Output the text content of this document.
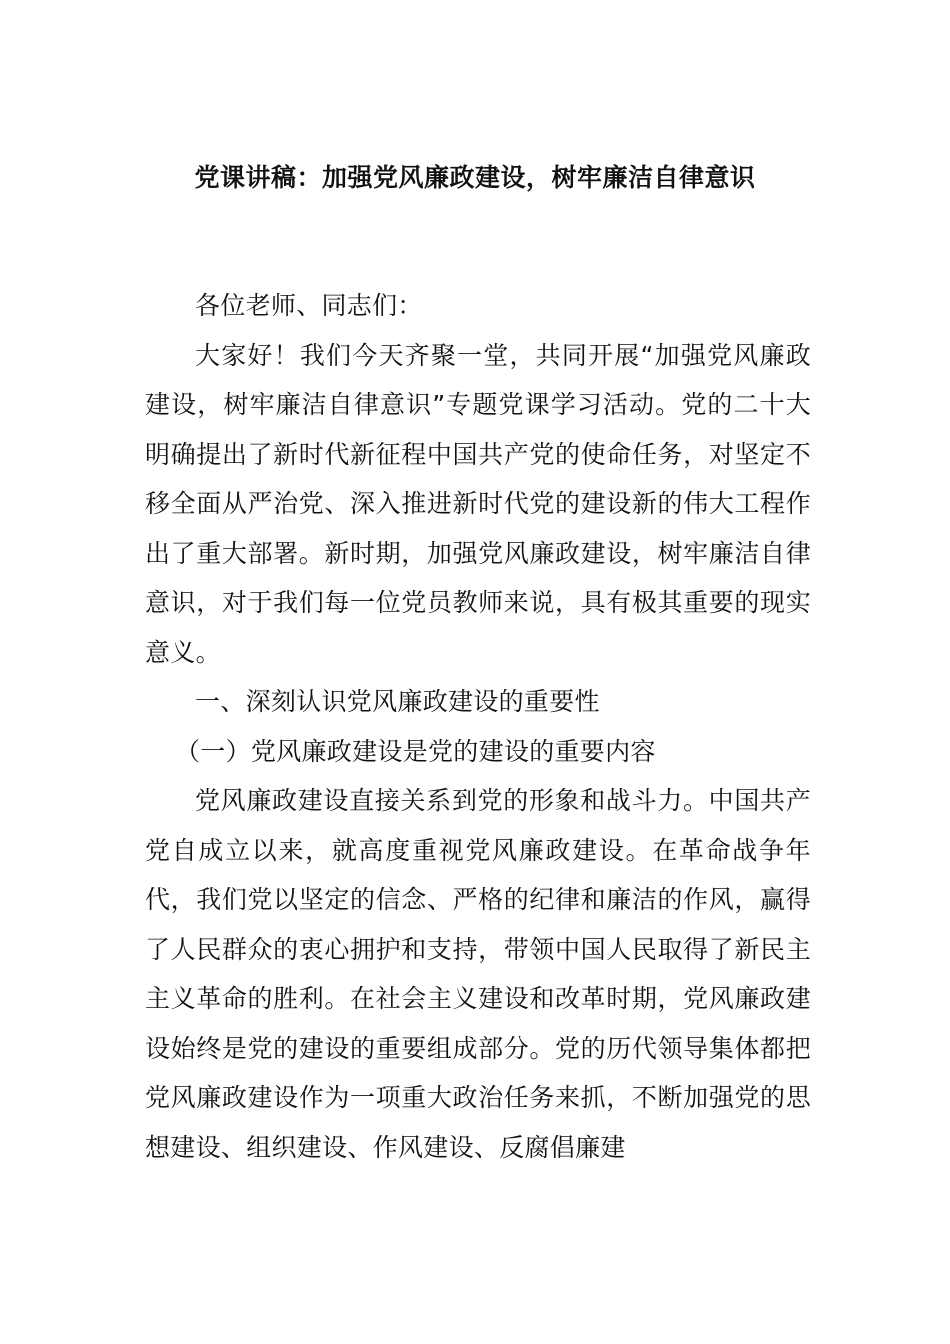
党课讲稿：加强党风廉政建设，树牢廉洁自律意识

各位老师、同志们：

大家好！我们今天齐聚一堂，共同开展“加强党风廉政建设，树牢廉洁自律意识”专题党课学习活动。党的二十大明确提出了新时代新征程中国共产党的使命任务，对坚定不移全面从严治党、深入推进新时代党的建设新的伟大工程作出了重大部署。新时期，加强党风廉政建设，树牢廉洁自律意识，对于我们每一位党员教师来说，具有极其重要的现实意义。

一、深刻认识党风廉政建设的重要性

（一）党风廉政建设是党的建设的重要内容

党风廉政建设直接关系到党的形象和战斗力。中国共产党自成立以来，就高度重视党风廉政建设。在革命战争年代，我们党以坚定的信念、严格的纪律和廉洁的作风，赢得了人民群众的衷心拥护和支持，带领中国人民取得了新民主主义革命的胜利。在社会主义建设和改革时期，党风廉政建设始终是党的建设的重要组成部分。党的历代领导集体都把党风廉政建设作为一项重大政治任务来抓，不断加强党的思想建设、组织建设、作风建设、反腐倡廉建
